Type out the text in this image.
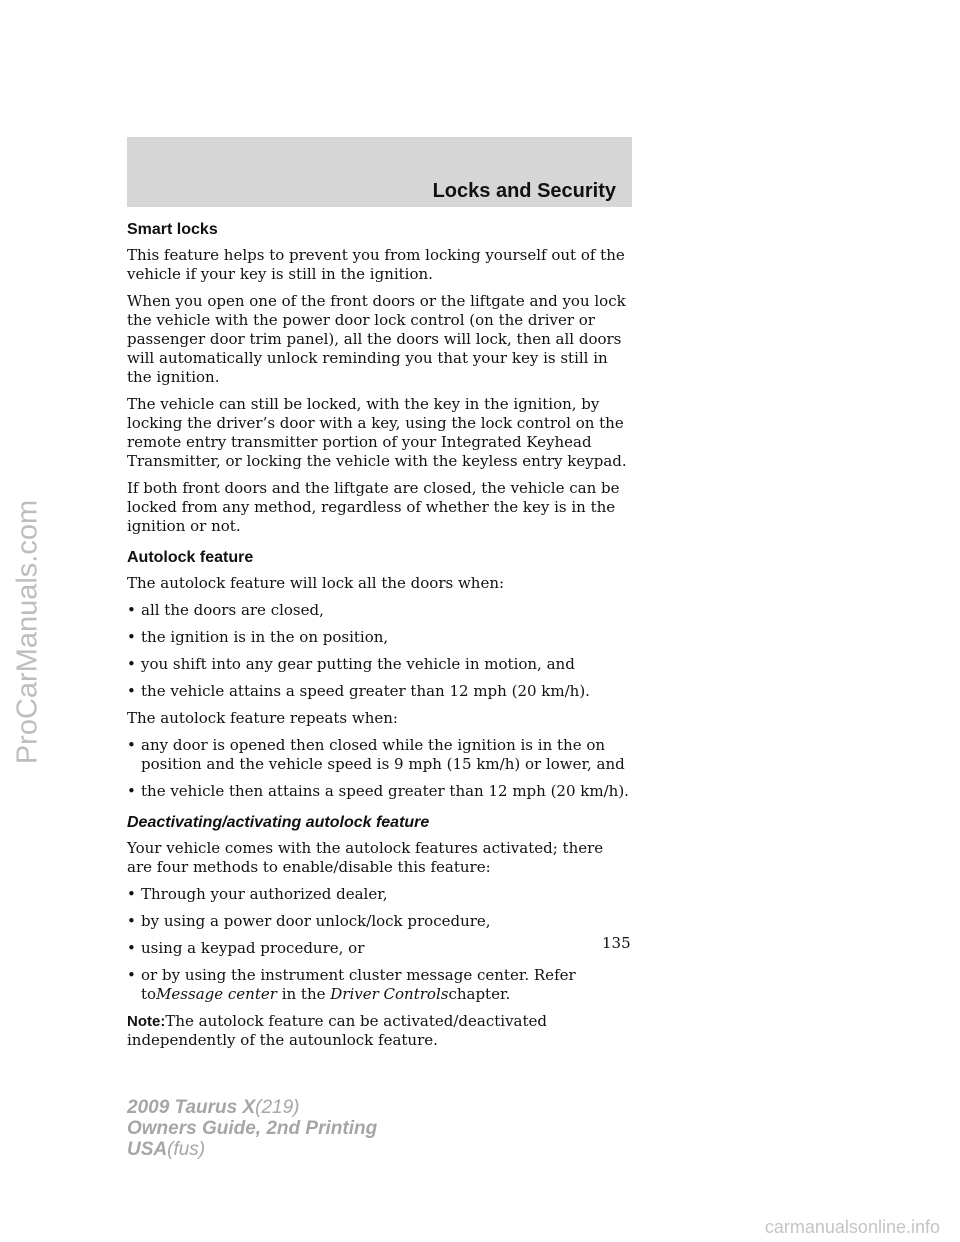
Locks and Security
Smart locks

This feature helps to prevent you from locking yourself out of the vehicle if your key is still in the ignition.

When you open one of the front doors or the liftgate and you lock the vehicle with the power door lock control (on the driver or passenger door trim panel), all the doors will lock, then all doors will automatically unlock reminding you that your key is still in the ignition.

The vehicle can still be locked, with the key in the ignition, by locking the driver’s door with a key, using the lock control on the remote entry transmitter portion of your Integrated Keyhead Transmitter, or locking the vehicle with the keyless entry keypad.

If both front doors and the liftgate are closed, the vehicle can be locked from any method, regardless of whether the key is in the ignition or not.

Autolock feature

The autolock feature will lock all the doors when:

• all the doors are closed,
• the ignition is in the on position,
• you shift into any gear putting the vehicle in motion, and
• the vehicle attains a speed greater than 12 mph (20 km/h).

The autolock feature repeats when:

• any door is opened then closed while the ignition is in the on position and the vehicle speed is 9 mph (15 km/h) or lower, and
• the vehicle then attains a speed greater than 12 mph (20 km/h).
Deactivating/activating autolock feature

Your vehicle comes with the autolock features activated; there are four methods to enable/disable this feature:

• Through your authorized dealer,
• by using a power door unlock/lock procedure,
• using a keypad procedure, or
• or by using the instrument cluster message center. Refer toMessage center in the Driver Controlschapter.

Note:The autolock feature can be activated/deactivated independently of the autounlock feature.

135
2009 Taurus X(219)
Owners Guide, 2nd Printing
USA(fus)
ProCarManuals.com
carmanualsonline.info
